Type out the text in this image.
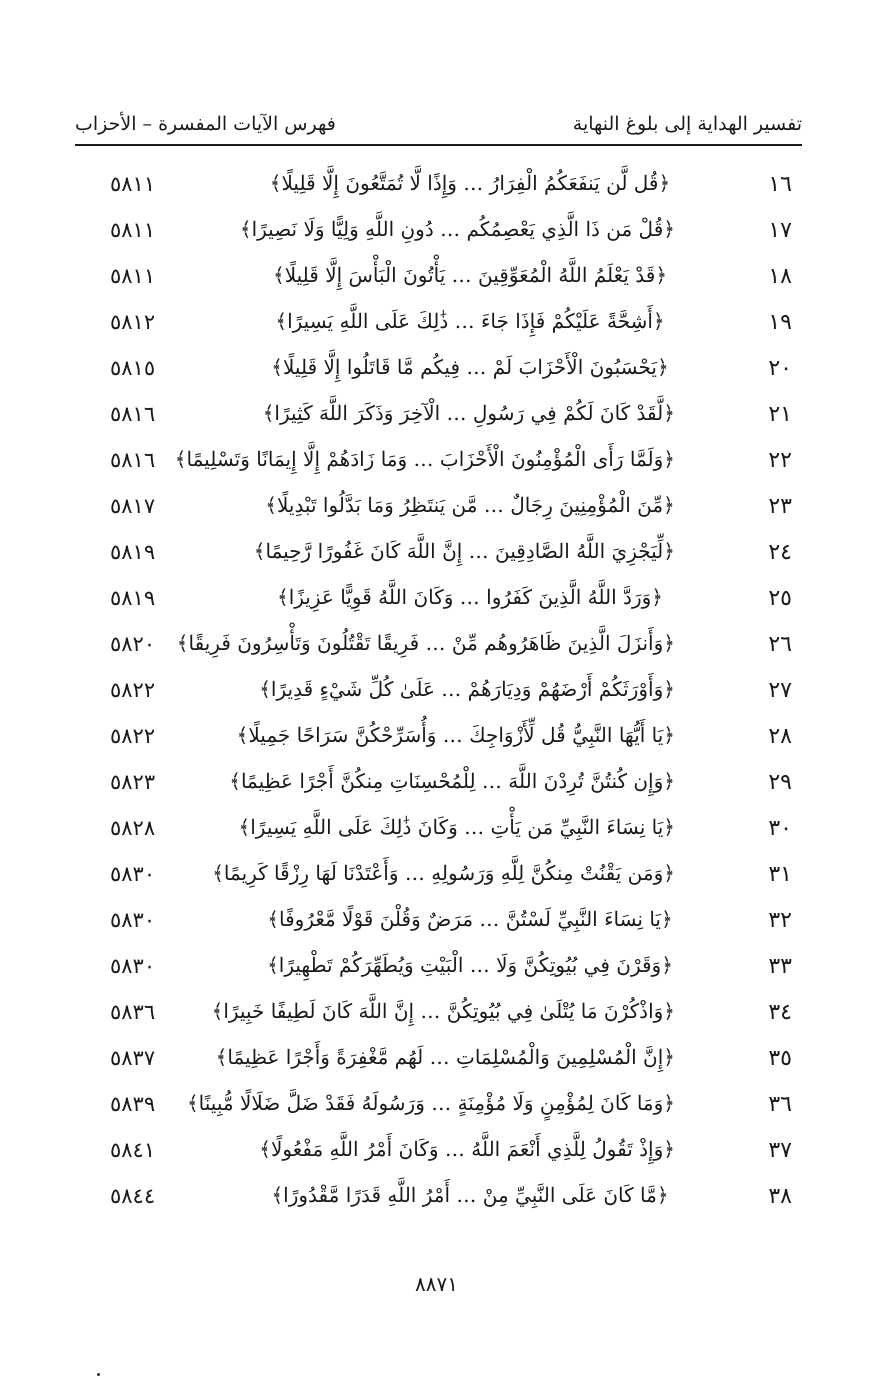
فهرس الآيات المفسرة – الأحزاب	تفسير الهداية إلى بلوغ النهاية
٥٨١١	﴿قُل لَّن يَنفَعَكُمُ الْفِرَارُ … وَإِذًا لَّا تُمَتَّعُونَ إِلَّا قَلِيلًا﴾	١٦
٥٨١١	﴿قُلْ مَن ذَا الَّذِي يَعْصِمُكُم … دُونِ اللَّهِ وَلِيًّا وَلَا نَصِيرًا﴾	١٧
٥٨١١	﴿قَدْ يَعْلَمُ اللَّهُ الْمُعَوِّقِينَ … يَأْتُونَ الْبَأْسَ إِلَّا قَلِيلًا﴾	١٨
٥٨١٢	﴿أَشِحَّةً عَلَيْكُمْ فَإِذَا جَاءَ … ذَٰلِكَ عَلَى اللَّهِ يَسِيرًا﴾	١٩
٥٨١٥	﴿يَحْسَبُونَ الْأَحْزَابَ لَمْ … فِيكُم مَّا قَاتَلُوا إِلَّا قَلِيلًا﴾	٢٠
٥٨١٦	﴿لَّقَدْ كَانَ لَكُمْ فِي رَسُولِ … الْآخِرَ وَذَكَرَ اللَّهَ كَثِيرًا﴾	٢١
٥٨١٦ ﴿وَلَمَّا رَأَى الْمُؤْمِنُونَ الْأَحْزَابَ … وَمَا زَادَهُمْ إِلَّا إِيمَانًا وَتَسْلِيمًا﴾	٢٢
٥٨١٧	﴿مِّنَ الْمُؤْمِنِينَ رِجَالٌ … مَّن يَنتَظِرُ وَمَا بَدَّلُوا تَبْدِيلًا﴾	٢٣
٥٨١٩	﴿لِّيَجْزِيَ اللَّهُ الصَّادِقِينَ … إِنَّ اللَّهَ كَانَ غَفُورًا رَّحِيمًا﴾	٢٤
٥٨١٩	﴿وَرَدَّ اللَّهُ الَّذِينَ كَفَرُوا … وَكَانَ اللَّهُ قَوِيًّا عَزِيزًا﴾	٢٥
٥٨٢٠	﴿وَأَنزَلَ الَّذِينَ ظَاهَرُوهُم مِّنْ … فَرِيقًا تَقْتُلُونَ وَتَأْسِرُونَ فَرِيقًا﴾	٢٦
٥٨٢٢	﴿وَأَوْرَثَكُمْ أَرْضَهُمْ وَدِيَارَهُمْ … عَلَىٰ كُلِّ شَيْءٍ قَدِيرًا﴾	٢٧
٥٨٢٢	﴿يَا أَيُّهَا النَّبِيُّ قُل لِّأَزْوَاجِكَ … وَأُسَرِّحْكُنَّ سَرَاحًا جَمِيلًا﴾	٢٨
٥٨٢٣	﴿وَإِن كُنتُنَّ تُرِدْنَ اللَّهَ … لِلْمُحْسِنَاتِ مِنكُنَّ أَجْرًا عَظِيمًا﴾	٢٩
٥٨٢٨	﴿يَا نِسَاءَ النَّبِيِّ مَن يَأْتِ … وَكَانَ ذَٰلِكَ عَلَى اللَّهِ يَسِيرًا﴾	٣٠
٥٨٣٠	﴿وَمَن يَقْنُتْ مِنكُنَّ لِلَّهِ وَرَسُولِهِ … وَأَعْتَدْنَا لَهَا رِزْقًا كَرِيمًا﴾	٣١
٥٨٣٠	﴿يَا نِسَاءَ النَّبِيِّ لَسْتُنَّ … مَرَضٌ وَقُلْنَ قَوْلًا مَّعْرُوفًا﴾	٣٢
٥٨٣٠	﴿وَقَرْنَ فِي بُيُوتِكُنَّ وَلَا … الْبَيْتِ وَيُطَهِّرَكُمْ تَطْهِيرًا﴾	٣٣
٥٨٣٦	﴿وَاذْكُرْنَ مَا يُتْلَىٰ فِي بُيُوتِكُنَّ … إِنَّ اللَّهَ كَانَ لَطِيفًا خَبِيرًا﴾	٣٤
٥٨٣٧	﴿إِنَّ الْمُسْلِمِينَ وَالْمُسْلِمَاتِ … لَهُم مَّغْفِرَةً وَأَجْرًا عَظِيمًا﴾	٣٥
٥٨٣٩	﴿وَمَا كَانَ لِمُؤْمِنٍ وَلَا مُؤْمِنَةٍ … وَرَسُولَهُ فَقَدْ ضَلَّ ضَلَالًا مُّبِينًا﴾	٣٦
٥٨٤١	﴿وَإِذْ تَقُولُ لِلَّذِي أَنْعَمَ اللَّهُ … وَكَانَ أَمْرُ اللَّهِ مَفْعُولًا﴾	٣٧
٥٨٤٤	﴿مَّا كَانَ عَلَى النَّبِيِّ مِنْ … أَمْرُ اللَّهِ قَدَرًا مَّقْدُورًا﴾	٣٨
٨٨٧١
